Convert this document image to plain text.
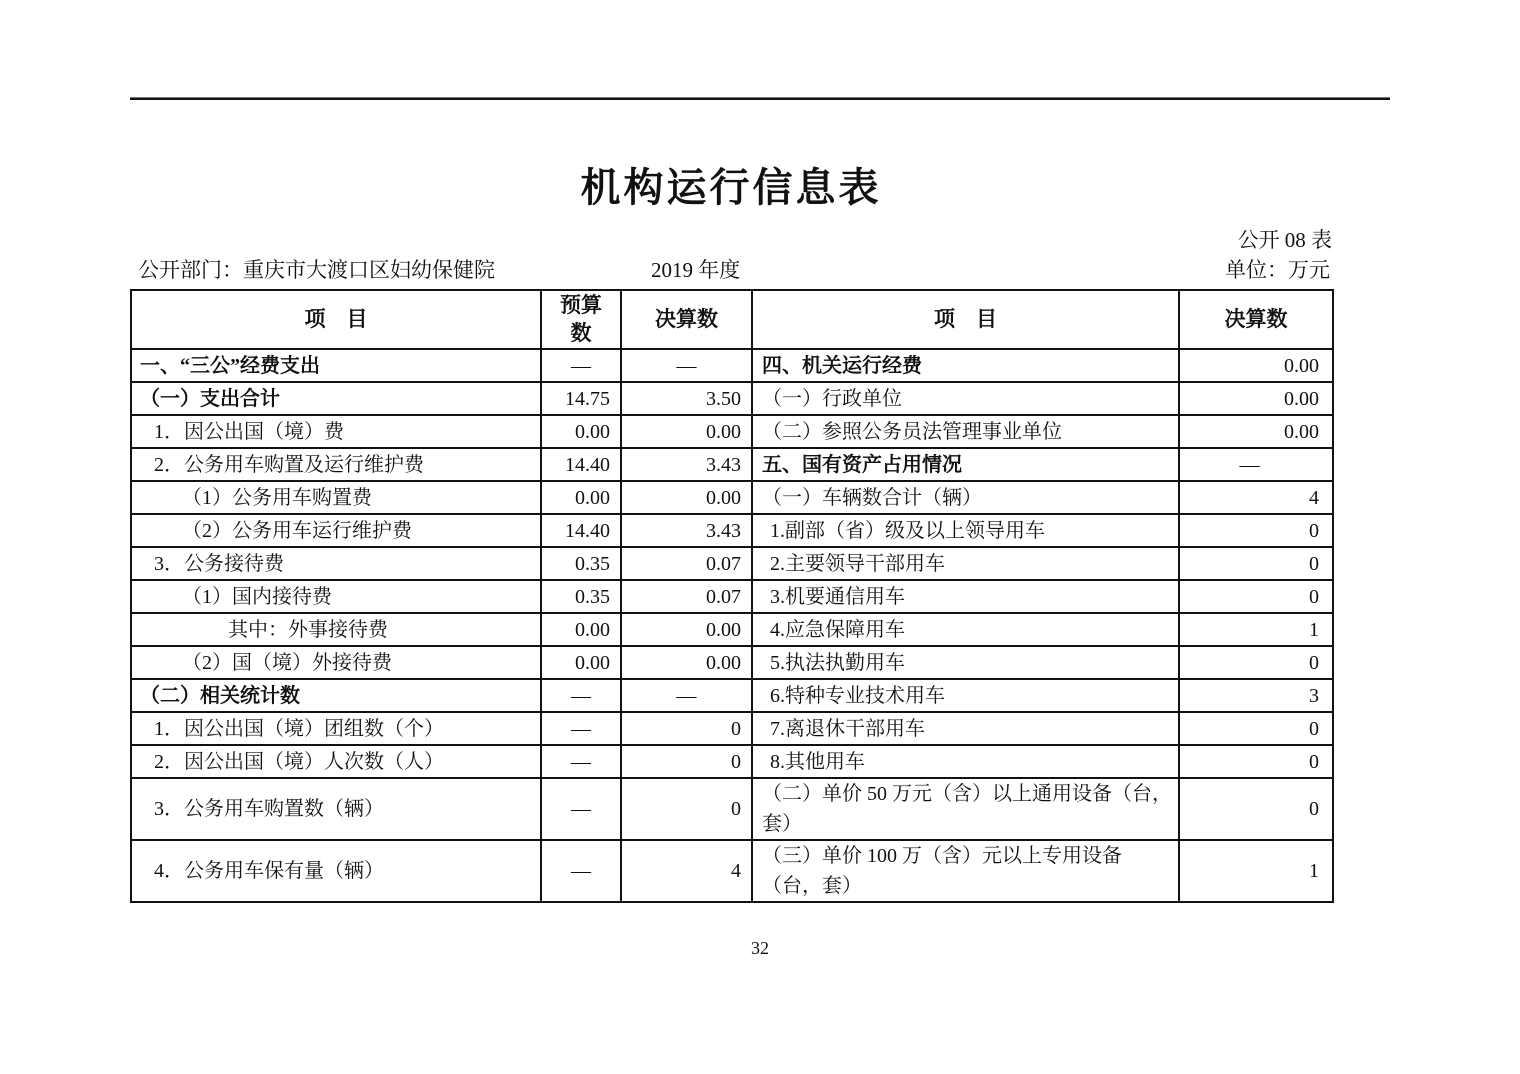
机构运行信息表
公开 08 表
公开部门：重庆市大渡口区妇幼保健院	2019 年度	单位：万元
项　目	预算数	决算数	项　目	决算数
一、“三公”经费支出	—	—	四、机关运行经费	0.00
（一）支出合计	14.75	3.50	（一）行政单位	0.00
1．因公出国（境）费	0.00	0.00	（二）参照公务员法管理事业单位	0.00
2．公务用车购置及运行维护费	14.40	3.43	五、国有资产占用情况	—
（1）公务用车购置费	0.00	0.00	（一）车辆数合计（辆）	4
（2）公务用车运行维护费	14.40	3.43	1.副部（省）级及以上领导用车	0
3．公务接待费	0.35	0.07	2.主要领导干部用车	0
（1）国内接待费	0.35	0.07	3.机要通信用车	0
其中：外事接待费	0.00	0.00	4.应急保障用车	1
（2）国（境）外接待费	0.00	0.00	5.执法执勤用车	0
（二）相关统计数	—	—	6.特种专业技术用车	3
1．因公出国（境）团组数（个）	—	0	7.离退休干部用车	0
2．因公出国（境）人次数（人）	—	0	8.其他用车	0
3．公务用车购置数（辆）	—	0	（二）单价 50 万元（含）以上通用设备（台，套）	0
4．公务用车保有量（辆）	—	4	（三）单价 100 万（含）元以上专用设备（台，套）	1
32
